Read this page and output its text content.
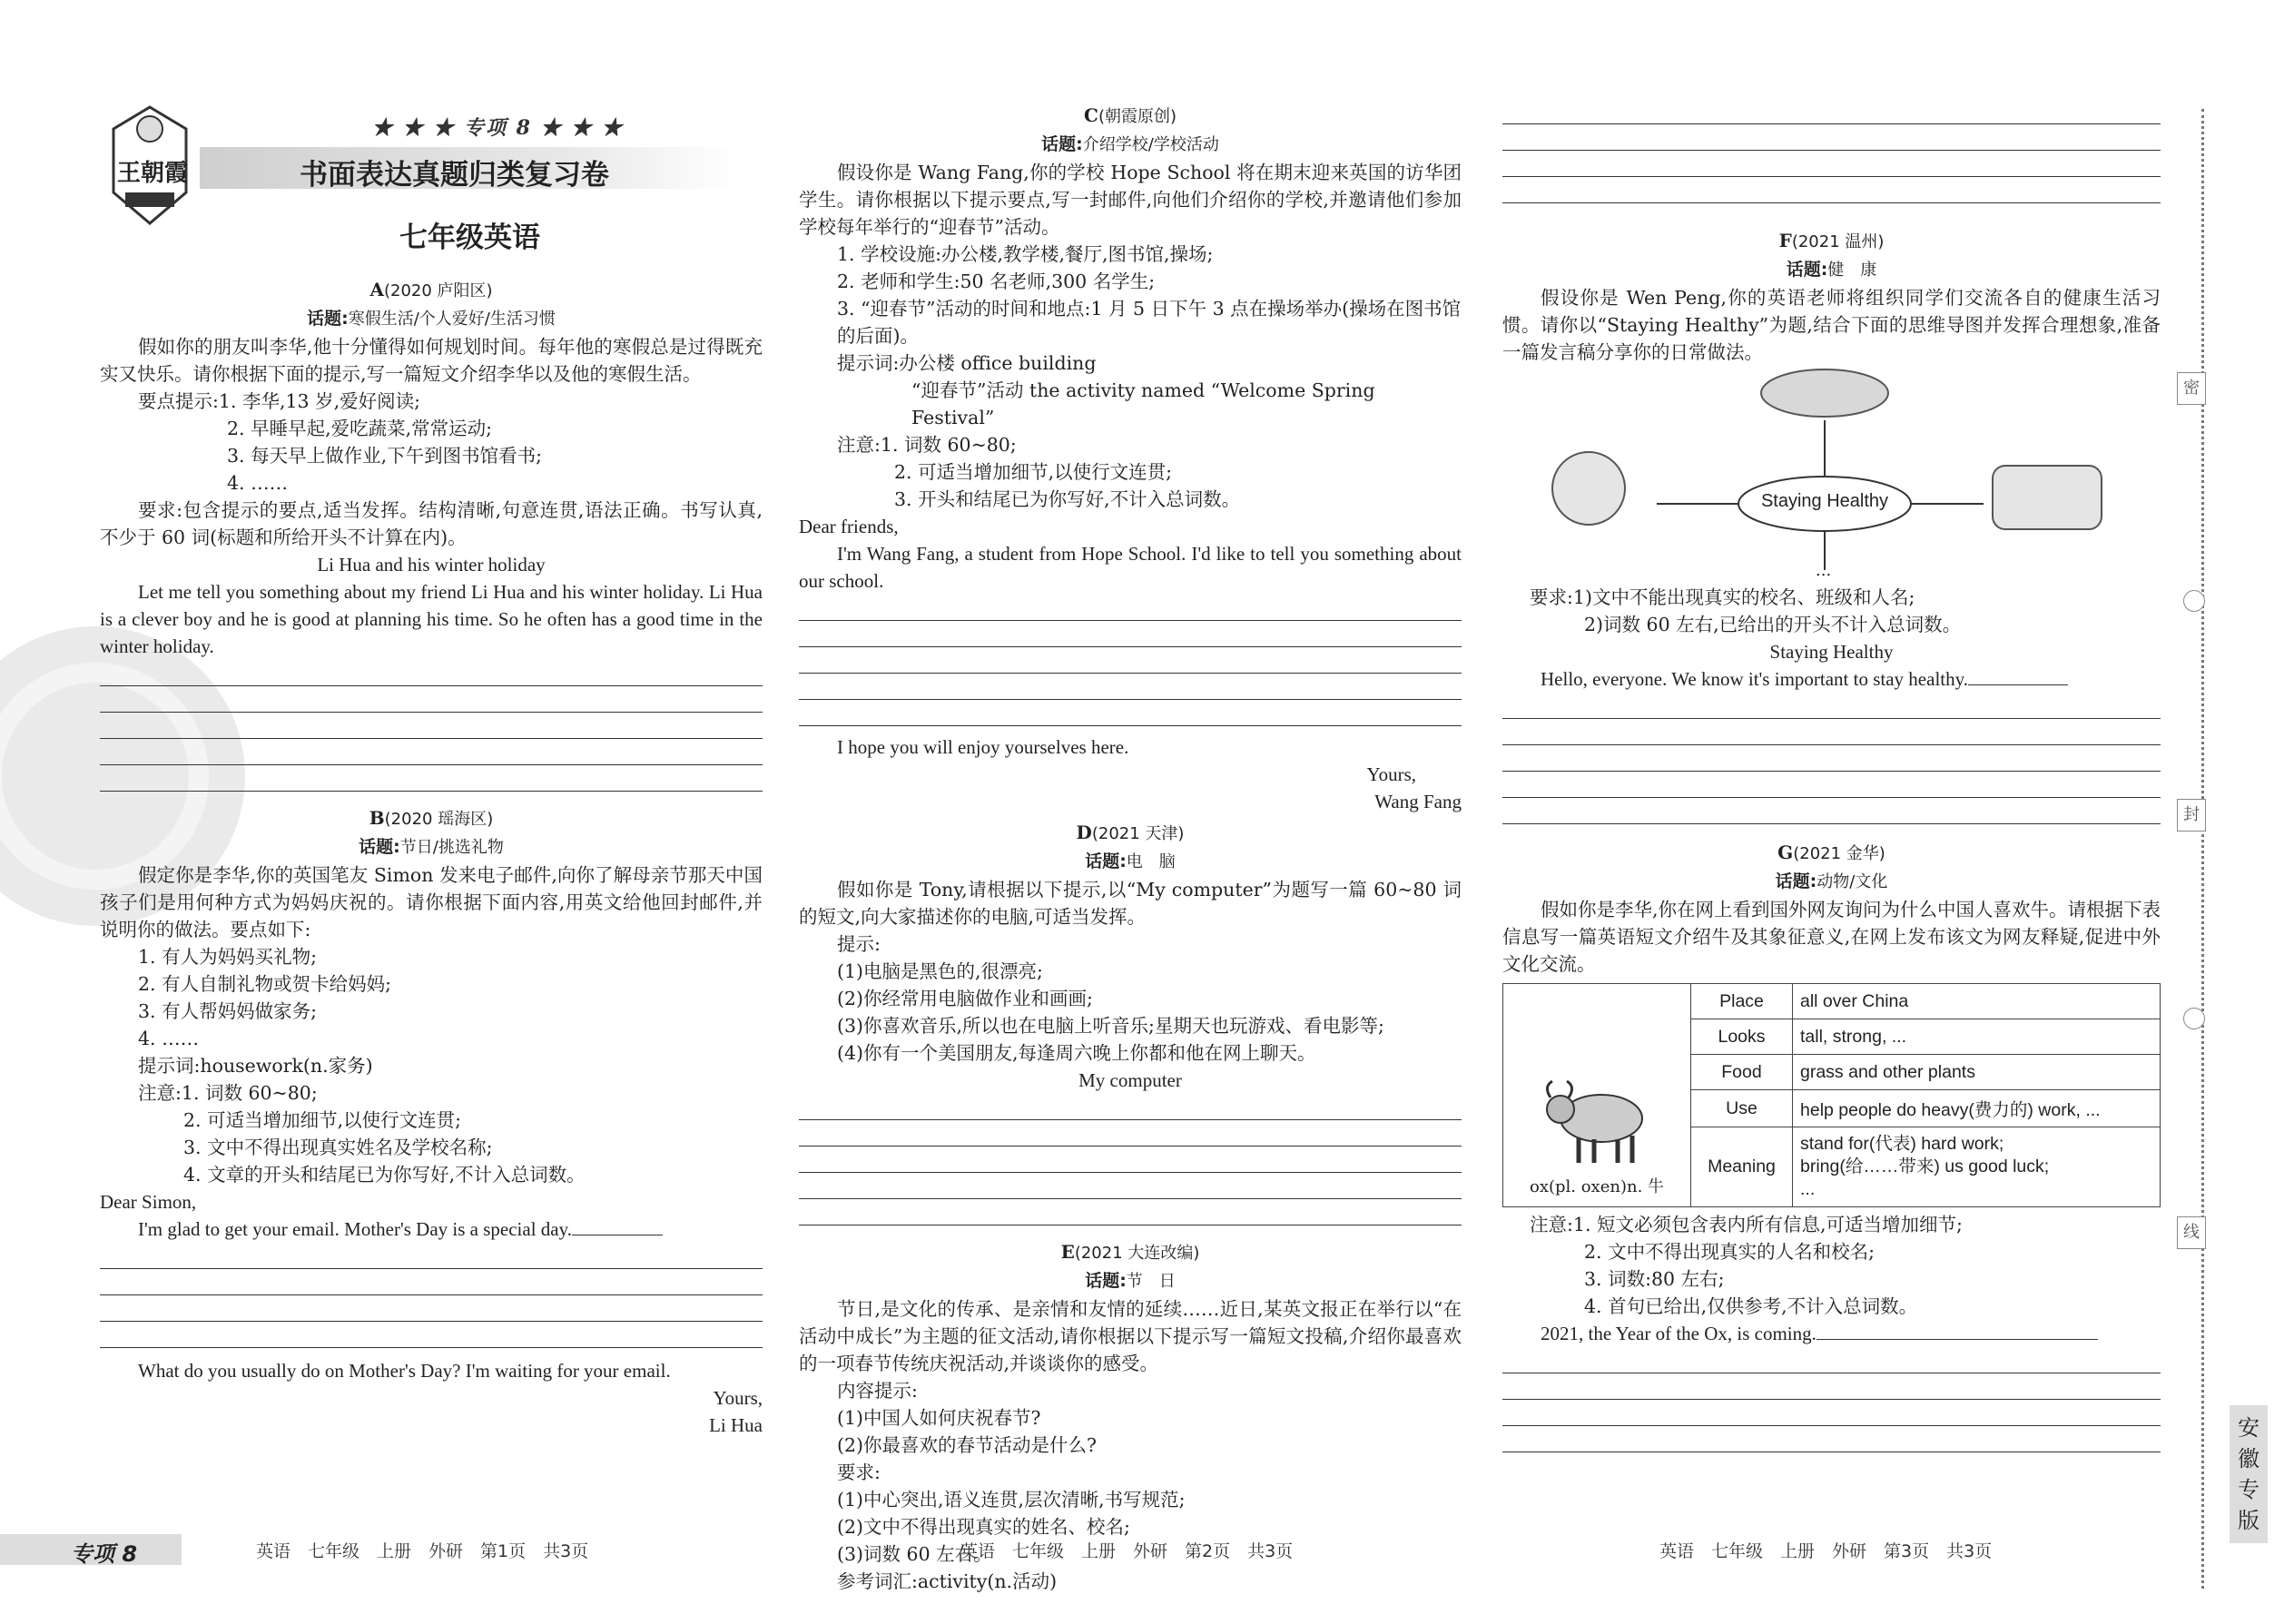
王朝霞
★ ★ ★ 专项 8 ★ ★ ★
书面表达真题归类复习卷
七年级英语
A(2020 庐阳区)
话题:寒假生活/个人爱好/生活习惯

假如你的朋友叫李华,他十分懂得如何规划时间。每年他的寒假总是过得既充实又快乐。请你根据下面的提示,写一篇短文介绍李华以及他的寒假生活。

要点提示:1. 李华,13 岁,爱好阅读;

2. 早睡早起,爱吃蔬菜,常常运动;

3. 每天早上做作业,下午到图书馆看书;

4. ……

要求:包含提示的要点,适当发挥。结构清晰,句意连贯,语法正确。书写认真,不少于 60 词(标题和所给开头不计算在内)。

Li Hua and his winter holiday

Let me tell you something about my friend Li Hua and his winter holiday. Li Hua is a clever boy and he is good at planning his time. So he often has a good time in the winter holiday.

B(2020 瑶海区)
话题:节日/挑选礼物

假定你是李华,你的英国笔友 Simon 发来电子邮件,向你了解母亲节那天中国孩子们是用何种方式为妈妈庆祝的。请你根据下面内容,用英文给他回封邮件,并说明你的做法。要点如下:

1. 有人为妈妈买礼物;

2. 有人自制礼物或贺卡给妈妈;

3. 有人帮妈妈做家务;

4. ……

提示词:housework(n.家务)

注意:1. 词数 60~80;

2. 可适当增加细节,以使行文连贯;

3. 文中不得出现真实姓名及学校名称;

4. 文章的开头和结尾已为你写好,不计入总词数。

Dear Simon,

I'm glad to get your email. Mother's Day is a special day.

What do you usually do on Mother's Day? I'm waiting for your email.

Yours,

Li Hua

C(朝霞原创)
话题:介绍学校/学校活动

假设你是 Wang Fang,你的学校 Hope School 将在期末迎来英国的访华团学生。请你根据以下提示要点,写一封邮件,向他们介绍你的学校,并邀请他们参加学校每年举行的“迎春节”活动。

1. 学校设施:办公楼,教学楼,餐厅,图书馆,操场;

2. 老师和学生:50 名老师,300 名学生;

3. “迎春节”活动的时间和地点:1 月 5 日下午 3 点在操场举办(操场在图书馆的后面)。

提示词:办公楼 office building

“迎春节”活动 the activity named “Welcome Spring Festival”

注意:1. 词数 60~80;

2. 可适当增加细节,以使行文连贯;

3. 开头和结尾已为你写好,不计入总词数。

Dear friends,

I'm Wang Fang, a student from Hope School. I'd like to tell you something about our school.

I hope you will enjoy yourselves here.

Yours,

Wang Fang

D(2021 天津)
话题:电　脑

假如你是 Tony,请根据以下提示,以“My computer”为题写一篇 60~80 词的短文,向大家描述你的电脑,可适当发挥。

提示:

(1)电脑是黑色的,很漂亮;

(2)你经常用电脑做作业和画画;

(3)你喜欢音乐,所以也在电脑上听音乐;星期天也玩游戏、看电影等;

(4)你有一个美国朋友,每逢周六晚上你都和他在网上聊天。

My computer

E(2021 大连改编)
话题:节　日

节日,是文化的传承、是亲情和友情的延续……近日,某英文报正在举行以“在活动中成长”为主题的征文活动,请你根据以下提示写一篇短文投稿,介绍你最喜欢的一项春节传统庆祝活动,并谈谈你的感受。

内容提示:

(1)中国人如何庆祝春节?

(2)你最喜欢的春节活动是什么?

要求:

(1)中心突出,语义连贯,层次清晰,书写规范;

(2)文中不得出现真实的姓名、校名;

(3)词数 60 左右。

参考词汇:activity(n.活动)

F(2021 温州)
话题:健　康

假设你是 Wen Peng,你的英语老师将组织同学们交流各自的健康生活习惯。请你以“Staying Healthy”为题,结合下面的思维导图并发挥合理想象,准备一篇发言稿分享你的日常做法。

Staying Healthy
...

要求:1)文中不能出现真实的校名、班级和人名;

2)词数 60 左右,已给出的开头不计入总词数。

Staying Healthy

Hello, everyone. We know it's important to stay healthy.

G(2021 金华)
话题:动物/文化

假如你是李华,你在网上看到国外网友询问为什么中国人喜欢牛。请根据下表信息写一篇英语短文介绍牛及其象征意义,在网上发布该文为网友释疑,促进中外文化交流。

ox(pl. oxen)n. 牛	Place	all over China
	Looks	tall, strong, ...
	Food	grass and other plants
	Use	help people do heavy(费力的) work, ...
	Meaning	stand for(代表) hard work;
bring(给……带来) us good luck;
...

注意:1. 短文必须包含表内所有信息,可适当增加细节;

2. 文中不得出现真实的人名和校名;

3. 词数:80 左右;

4. 首句已给出,仅供参考,不计入总词数。

2021, the Year of the Ox, is coming.

专项 8	英语　七年级　上册　外研　第1页　共3页	英语　七年级　上册　外研　第2页　共3页	英语　七年级　上册　外研　第3页　共3页
密
封
线
安徽专版
